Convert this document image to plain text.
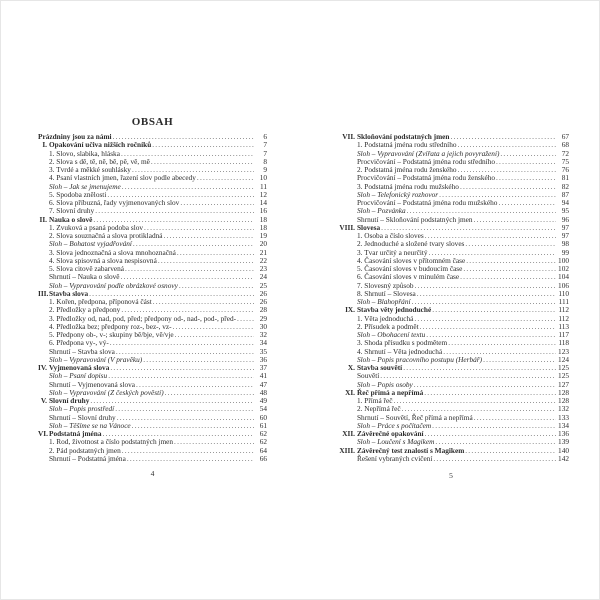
OBSAH
Prázdniny jsou za námi .....	6
I. Opakování učiva nižších ročníků .....	7
1. Slovo, slabika, hláska .....	7
2. Slova s dě, tě, ně, bě, pě, vě, mě .....	8
3. Tvrdé a měkké souhlásky .....	9
4. Psaní vlastních jmen, řazení slov podle abecedy .....	10
Sloh – Jak se jmenujeme .....	11
5. Spodoba znělosti .....	12
6. Slova příbuzná, řady vyjmenovaných slov .....	14
7. Slovní druhy .....	16
II. Nauka o slově .....	18
1. Zvuková a psaná podoba slov .....	18
2. Slova souznačná a slova protikladná .....	19
Sloh – Bohatost vyjadřování .....	20
3. Slova jednoznačná a slova mnohoznačná .....	21
4. Slova spisovná a slova nespisovná .....	22
5. Slova citově zabarvená .....	23
Shrnutí – Nauka o slově .....	24
Sloh – Vypravování podle obrázkové osnovy .....	25
III. Stavba slova .....	26
1. Kořen, předpona, příponová část .....	26
2. Předložky a předpony .....	28
3. Předložky od, nad, pod, před; předpony od-, nad-, pod-, před- .....	29
4. Předložka bez; předpony roz-, bez-, vz- .....	30
5. Předpony ob-, v-; skupiny bě/bje, vě/vje .....	32
6. Předpona vy-, vý- .....	34
Shrnutí – Stavba slova .....	35
Sloh – Vypravování (V pravěku) .....	36
IV. Vyjmenovaná slova .....	37
Sloh – Psaní dopisu .....	41
Shrnutí – Vyjmenovaná slova .....	47
Sloh – Vypravování (Z českých pověstí) .....	48
V. Slovní druhy .....	49
Sloh – Popis prostředí .....	54
Shrnutí – Slovní druhy .....	60
Sloh – Těšíme se na Vánoce .....	61
VI. Podstatná jména .....	62
1. Rod, životnost a číslo podstatných jmen .....	62
2. Pád podstatných jmen .....	64
Shrnutí – Podstatná jména .....	66
VII. Skloňování podstatných jmen .....	67
1. Podstatná jména rodu středního .....	68
Sloh – Vypravování (Zvířata a jejich povyražení) .....	72
Procvičování – Podstatná jména rodu středního .....	75
2. Podstatná jména rodu ženského .....	76
Procvičování – Podstatná jména rodu ženského .....	81
3. Podstatná jména rodu mužského .....	82
Sloh – Telefonický rozhovor .....	87
Procvičování – Podstatná jména rodu mužského .....	94
Sloh – Pozvánka .....	95
Shrnutí – Skloňování podstatných jmen .....	96
VIII. Slovesa .....	97
1. Osoba a číslo sloves .....	97
2. Jednoduché a složené tvary sloves .....	98
3. Tvar určitý a neurčitý .....	99
4. Časování sloves v přítomném čase .....	100
5. Časování sloves v budoucím čase .....	102
6. Časování sloves v minulém čase .....	104
7. Slovesný způsob .....	106
8. Shrnutí – Slovesa .....	110
Sloh – Blahopřání .....	111
IX. Stavba věty jednoduché .....	112
1. Věta jednoduchá .....	112
2. Přísudek a podmět .....	113
Sloh – Obohacení textu .....	117
3. Shoda přísudku s podmětem .....	118
4. Shrnutí – Věta jednoduchá .....	123
Sloh – Popis pracovního postupu (Herbář) .....	124
X. Stavba souvětí .....	125
Souvětí .....	125
Sloh – Popis osoby .....	127
XI. Řeč přímá a nepřímá .....	128
1. Přímá řeč .....	128
2. Nepřímá řeč .....	132
Shrnutí – Souvětí, Řeč přímá a nepřímá .....	133
Sloh – Práce s počítačem .....	134
XII. Závěrečné opakování .....	136
Sloh – Loučení s Magikem .....	139
XIII. Závěrečný test znalostí s Magikem .....	140
Řešení vybraných cvičení .....	142
4	5
